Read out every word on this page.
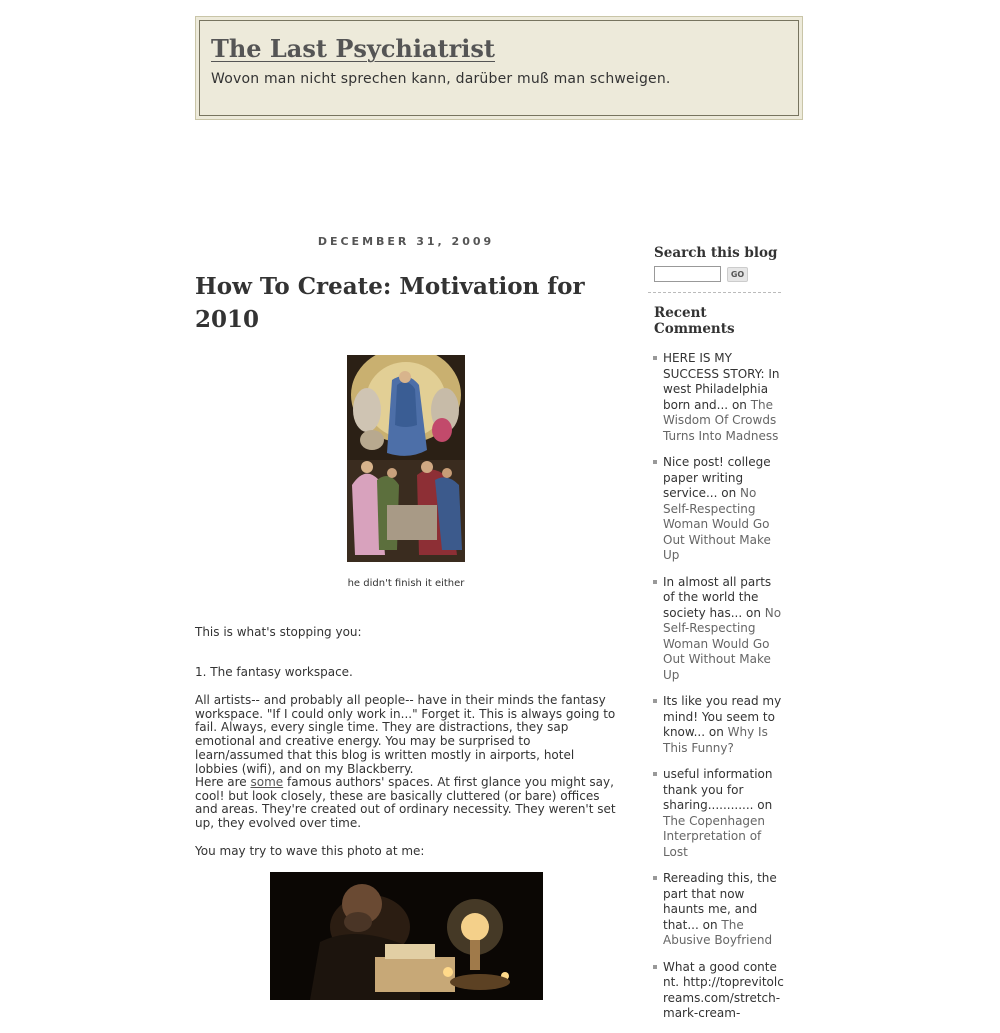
The Last Psychiatrist

Wovon man nicht sprechen kann, darüber muß man schweigen.

DECEMBER 31, 2009
How To Create: Motivation for 2010

he didn't finish it either

This is what's stopping you:

1. The fantasy workspace.

All artists-- and probably all people-- have in their minds the fantasy workspace. "If I could only work in..." Forget it. This is always going to fail. Always, every single time. They are distractions, they sap emotional and creative energy. You may be surprised to learn/assumed that this blog is written mostly in airports, hotel lobbies (wifi), and on my Blackberry.

Here are some famous authors' spaces. At first glance you might say, cool! but look closely, these are basically cluttered (or bare) offices and areas. They're created out of ordinary necessity. They weren't set up, they evolved over time.

You may try to wave this photo at me:

Search this blog
GO
Recent Comments
HERE IS MY SUCCESS STORY: In west Philadelphia born and... on The Wisdom Of Crowds Turns Into Madness
Nice post! college paper writing service... on No Self-Respecting Woman Would Go Out Without Make Up
In almost all parts of the world the society has... on No Self-Respecting Woman Would Go Out Without Make Up
Its like you read my mind! You seem to know... on Why Is This Funny?
useful information thank you for sharing............ on The Copenhagen Interpretation of Lost
Rereading this, the part that now haunts me, and that... on The Abusive Boyfriend
What a good content. http://toprevitolcreams.com/stretch-mark-cream-
